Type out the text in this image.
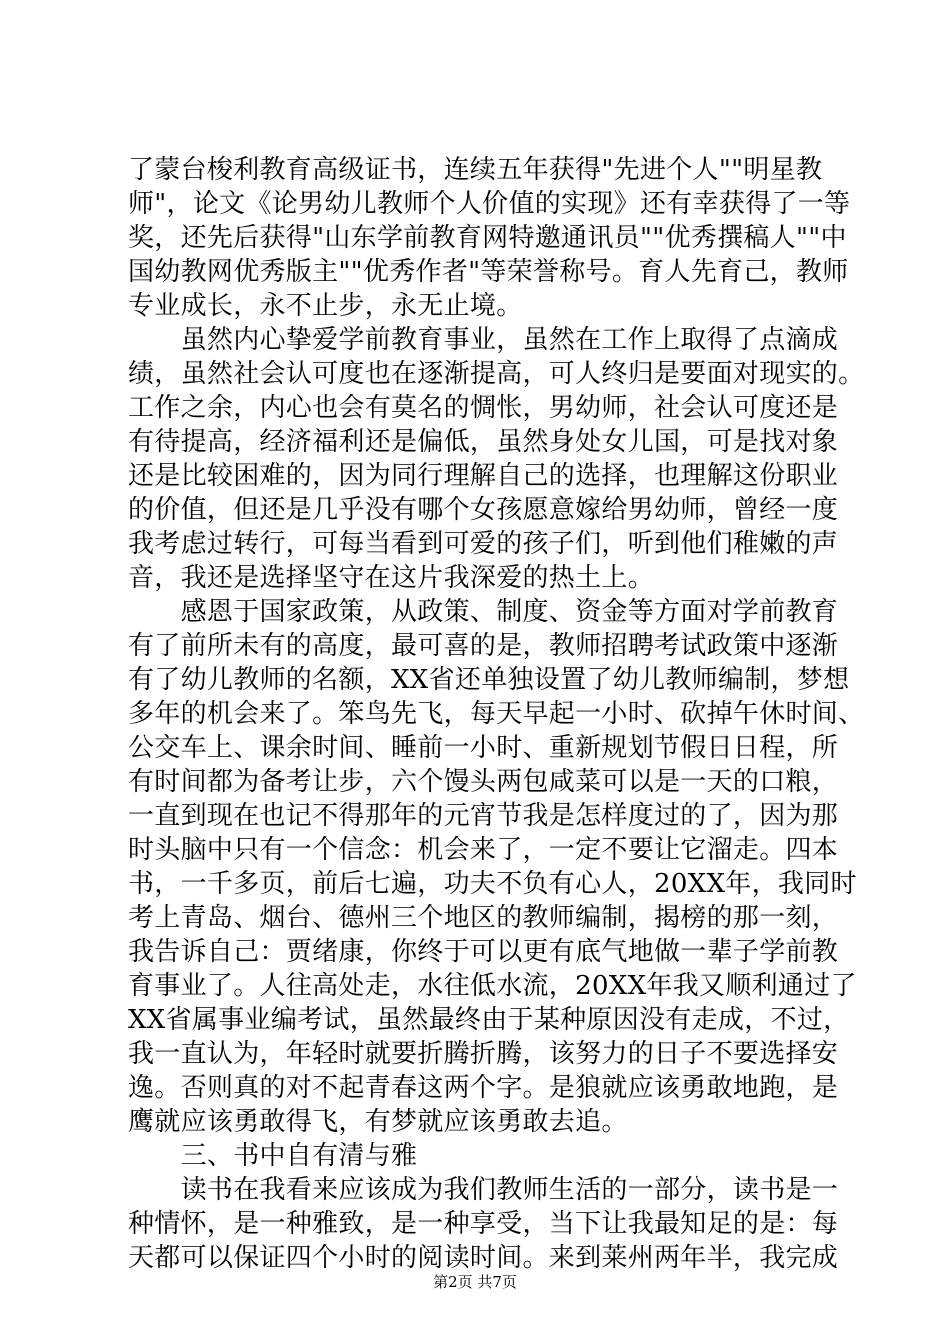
了蒙台梭利教育高级证书，连续五年获得"先进个人""明星教
师"，论文《论男幼儿教师个人价值的实现》还有幸获得了一等
奖，还先后获得"山东学前教育网特邀通讯员""优秀撰稿人""中
国幼教网优秀版主""优秀作者"等荣誉称号。育人先育己，教师
专业成长，永不止步，永无止境。
　　虽然内心挚爱学前教育事业，虽然在工作上取得了点滴成
绩，虽然社会认可度也在逐渐提高，可人终归是要面对现实的。
工作之余，内心也会有莫名的惆怅，男幼师，社会认可度还是
有待提高，经济福利还是偏低，虽然身处女儿国，可是找对象
还是比较困难的，因为同行理解自己的选择，也理解这份职业
的价值，但还是几乎没有哪个女孩愿意嫁给男幼师，曾经一度
我考虑过转行，可每当看到可爱的孩子们，听到他们稚嫩的声
音，我还是选择坚守在这片我深爱的热土上。
　　感恩于国家政策，从政策、制度、资金等方面对学前教育
有了前所未有的高度，最可喜的是，教师招聘考试政策中逐渐
有了幼儿教师的名额，XX省还单独设置了幼儿教师编制，梦想
多年的机会来了。笨鸟先飞，每天早起一小时、砍掉午休时间、
公交车上、课余时间、睡前一小时、重新规划节假日日程，所
有时间都为备考让步，六个馒头两包咸菜可以是一天的口粮，
一直到现在也记不得那年的元宵节我是怎样度过的了，因为那
时头脑中只有一个信念：机会来了，一定不要让它溜走。四本
书，一千多页，前后七遍，功夫不负有心人，20XX年，我同时
考上青岛、烟台、德州三个地区的教师编制，揭榜的那一刻，
我告诉自己：贾绪康，你终于可以更有底气地做一辈子学前教
育事业了。人往高处走，水往低水流，20XX年我又顺利通过了
XX省属事业编考试，虽然最终由于某种原因没有走成，不过，
我一直认为，年轻时就要折腾折腾，该努力的日子不要选择安
逸。否则真的对不起青春这两个字。是狼就应该勇敢地跑，是
鹰就应该勇敢得飞，有梦就应该勇敢去追。
　　三、书中自有清与雅
　　读书在我看来应该成为我们教师生活的一部分，读书是一
种情怀，是一种雅致，是一种享受，当下让我最知足的是：每
天都可以保证四个小时的阅读时间。来到莱州两年半，我完成
第2页 共7页
